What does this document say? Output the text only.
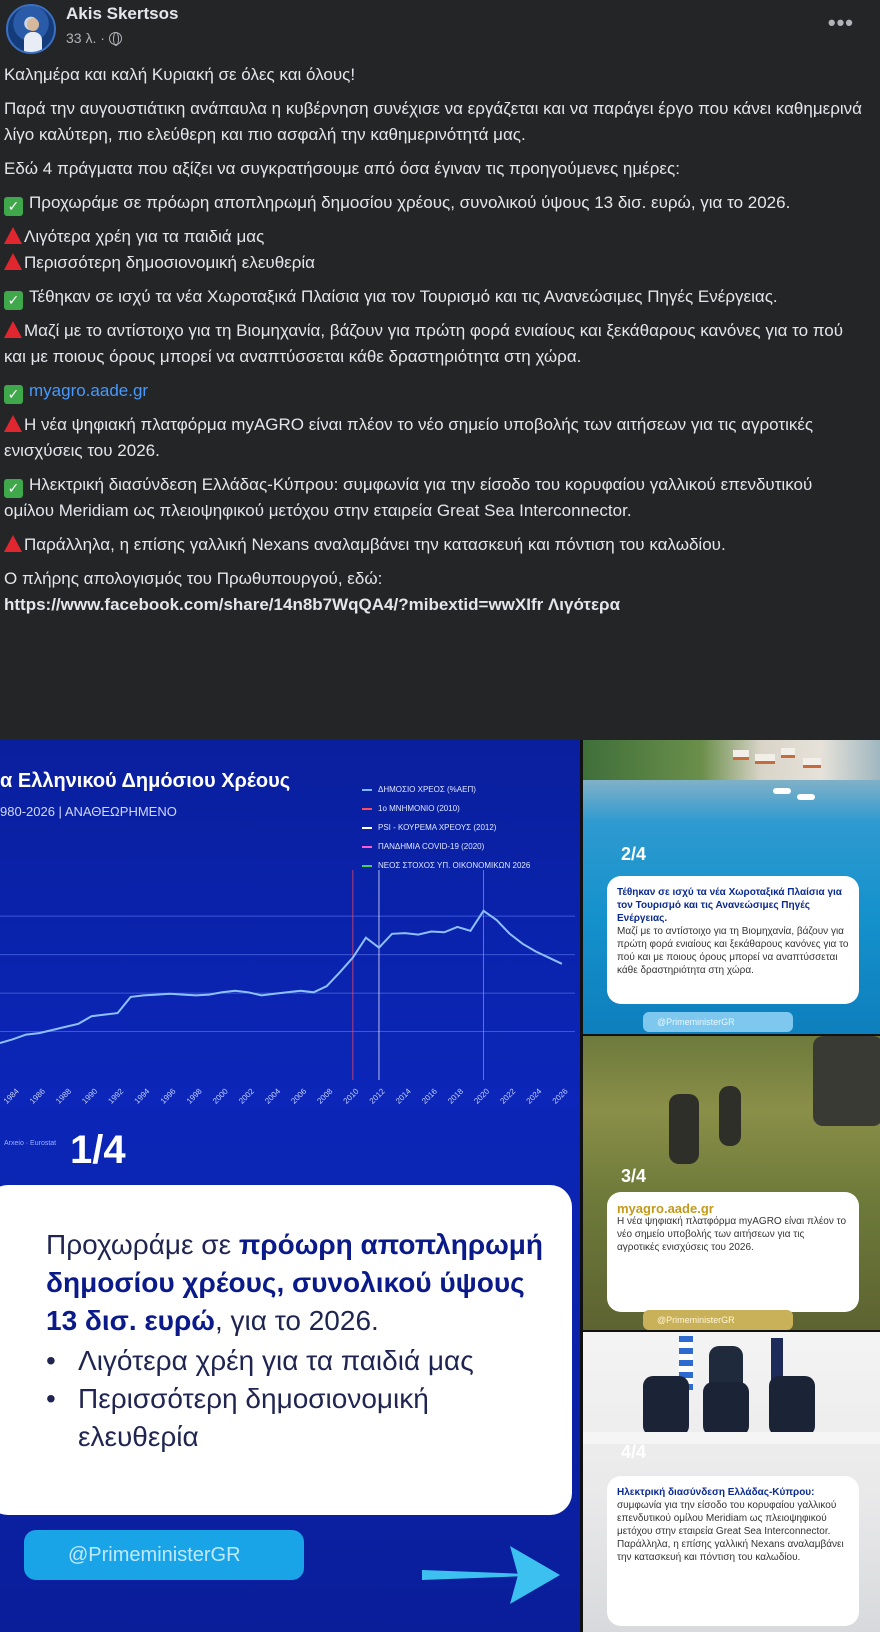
Akis Skertsos
33 λ. ·
•••

Καλημέρα και καλή Κυριακή σε όλες και όλους!

Παρά την αυγουστιάτικη ανάπαυλα η κυβέρνηση συνέχισε να εργάζεται και να παράγει έργο που κάνει καθημερινά λίγο καλύτερη, πιο ελεύθερη και πιο ασφαλή την καθημερινότητά μας.

Εδώ 4 πράγματα που αξίζει να συγκρατήσουμε από όσα έγιναν τις προηγούμενες ημέρες:

✓ Προχωράμε σε πρόωρη αποπληρωμή δημοσίου χρέους, συνολικού ύψους 13 δισ. ευρώ, για το 2026.

Λιγότερα χρέη για τα παιδιά μας

Περισσότερη δημοσιονομική ελευθερία

✓ Τέθηκαν σε ισχύ τα νέα Χωροταξικά Πλαίσια για τον Τουρισμό και τις Ανανεώσιμες Πηγές Ενέργειας.

Μαζί με το αντίστοιχο για τη Βιομηχανία, βάζουν για πρώτη φορά ενιαίους και ξεκάθαρους κανόνες για το πού και με ποιους όρους μπορεί να αναπτύσσεται κάθε δραστηριότητα στη χώρα.

✓ myagro.aade.gr

Η νέα ψηφιακή πλατφόρμα myAGRO είναι πλέον το νέο σημείο υποβολής των αιτήσεων για τις αγροτικές ενισχύσεις του 2026.

✓ Ηλεκτρική διασύνδεση Ελλάδας-Κύπρου: συμφωνία για την είσοδο του κορυφαίου γαλλικού επενδυτικού ομίλου Meridiam ως πλειοψηφικού μετόχου στην εταιρεία Great Sea Interconnector.

Παράλληλα, η επίσης γαλλική Nexans αναλαμβάνει την κατασκευή και πόντιση του καλωδίου.

Ο πλήρης απολογισμός του Πρωθυπουργού, εδώ:

https://www.facebook.com/share/14n8b7WqQA4/?mibextid=wwXIfr Λιγότερα

α Ελληνικού Δημόσιου Χρέους
980-2026 | ΑΝΑΘΕΩΡΗΜΕΝΟ
ΔΗΜΟΣΙΟ ΧΡΕΟΣ (%ΑΕΠ)
1o ΜΝΗΜΟΝΙΟ (2010)
PSI - ΚΟΥΡΕΜΑ ΧΡΕΟΥΣ (2012)
ΠΑΝΔΗΜΙΑ COVID-19 (2020)
ΝΕΟΣ ΣΤΟΧΟΣ ΥΠ. ΟΙΚΟΝΟΜΙΚΩΝ 2026
1984 1986 1988 1990 1992 1994 1996 1998 2000 2002 2004 2006 2008 2010 2012 2014 2016 2018 2020 2022 2024 2026
Αrxeio · Eurostat 1/4
Προχωράμε σε πρόωρη αποπληρωμή δημοσίου χρέους, συνολικού ύψους 13 δισ. ευρώ, για το 2026.
• Λιγότερα χρέη για τα παιδιά μας
• Περισσότερη δημοσιονομική ελευθερία
@PrimeministerGR
2/4
Τέθηκαν σε ισχύ τα νέα Χωροταξικά Πλαίσια για τον Τουρισμό και τις Ανανεώσιμες Πηγές Ενέργειας.
Μαζί με το αντίστοιχο για τη Βιομηχανία, βάζουν για πρώτη φορά ενιαίους και ξεκάθαρους κανόνες για το πού και με ποιους όρους μπορεί να αναπτύσσεται κάθε δραστηριότητα στη χώρα.
@PrimeministerGR
3/4
myagro.aade.gr
Η νέα ψηφιακή πλατφόρμα myAGRO είναι πλέον το νέο σημείο υποβολής των αιτήσεων για τις αγροτικές ενισχύσεις του 2026.
@PrimeministerGR
4/4
Ηλεκτρική διασύνδεση Ελλάδας-Κύπρου: συμφωνία για την είσοδο του κορυφαίου γαλλικού επενδυτικού ομίλου Meridiam ως πλειοψηφικού μετόχου στην εταιρεία Great Sea Interconnector.
Παράλληλα, η επίσης γαλλική Nexans αναλαμβάνει την κατασκευή και πόντιση του καλωδίου.
